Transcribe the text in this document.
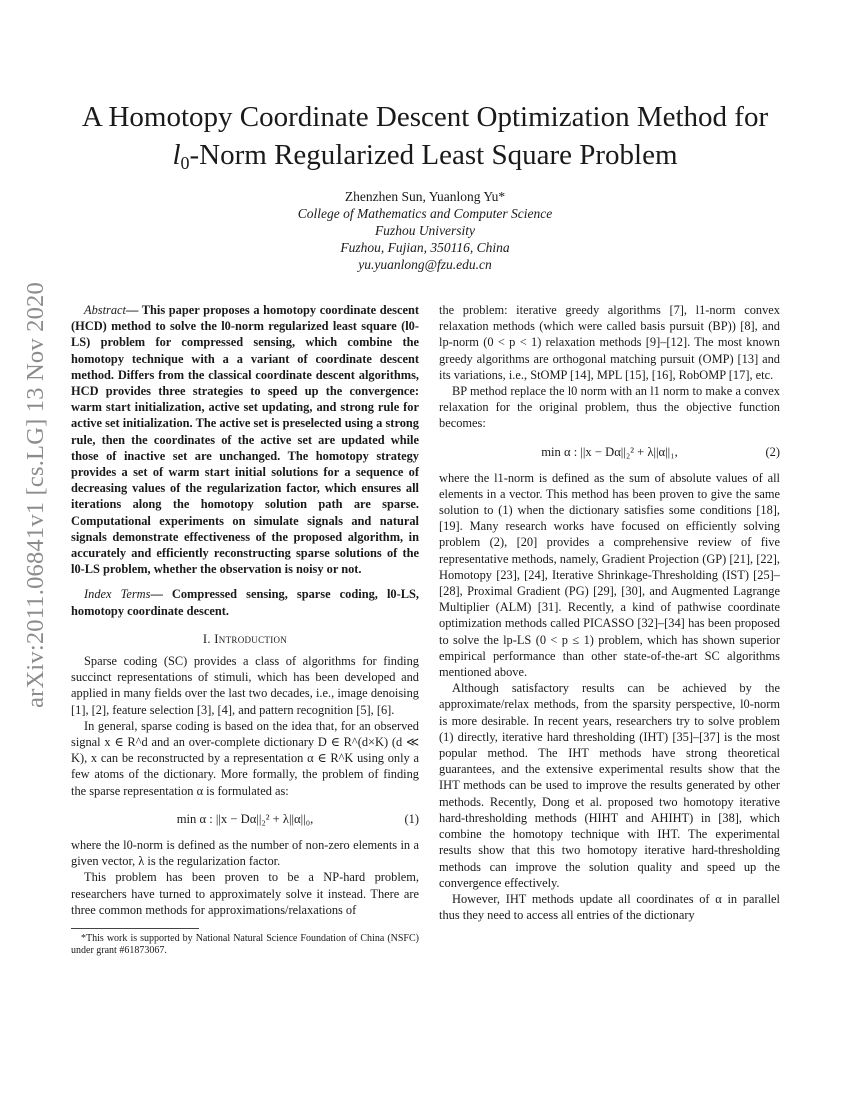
arXiv:2011.06841v1 [cs.LG] 13 Nov 2020
A Homotopy Coordinate Descent Optimization Method for
$l_0$-Norm Regularized Least Square Problem
Zhenzhen Sun, Yuanlong Yu*
College of Mathematics and Computer Science
Fuzhou University
Fuzhou, Fujian, 350116, China
yu.yuanlong@fzu.edu.cn

Abstract— This paper proposes a homotopy coordinate descent (HCD) method to solve the l0-norm regularized least square (l0-LS) problem for compressed sensing, which combine the homotopy technique with a a variant of coordinate descent method. Differs from the classical coordinate descent algorithms, HCD provides three strategies to speed up the convergence: warm start initialization, active set updating, and strong rule for active set initialization. The active set is preselected using a strong rule, then the coordinates of the active set are updated while those of inactive set are unchanged. The homotopy strategy provides a set of warm start initial solutions for a sequence of decreasing values of the regularization factor, which ensures all iterations along the homotopy solution path are sparse. Computational experiments on simulate signals and natural signals demonstrate effectiveness of the proposed algorithm, in accurately and efficiently reconstructing sparse solutions of the l0-LS problem, whether the observation is noisy or not.

Index Terms— Compressed sensing, sparse coding, l0-LS, homotopy coordinate descent.

I. Introduction

Sparse coding (SC) provides a class of algorithms for finding succinct representations of stimuli, which has been developed and applied in many fields over the last two decades, i.e., image denoising [1], [2], feature selection [3], [4], and pattern recognition [5], [6].

In general, sparse coding is based on the idea that, for an observed signal x ∈ R^d and an over-complete dictionary D ∈ R^(d×K) (d ≪ K), x can be reconstructed by a representation α ∈ R^K using only a few atoms of the dictionary. More formally, the problem of finding the sparse representation α is formulated as:

min α : ||x − Dα||₂² + λ||α||₀,	(1)

where the l0-norm is defined as the number of non-zero elements in a given vector, λ is the regularization factor.

This problem has been proven to be a NP-hard problem, researchers have turned to approximately solve it instead. There are three common methods for approximations/relaxations of

*This work is supported by National Natural Science Foundation of China (NSFC) under grant #61873067.

the problem: iterative greedy algorithms [7], l1-norm convex relaxation methods (which were called basis pursuit (BP)) [8], and lp-norm (0 < p < 1) relaxation methods [9]–[12]. The most known greedy algorithms are orthogonal matching pursuit (OMP) [13] and its variations, i.e., StOMP [14], MPL [15], [16], RobOMP [17], etc.

BP method replace the l0 norm with an l1 norm to make a convex relaxation for the original problem, thus the objective function becomes:

min α : ||x − Dα||₂² + λ||α||₁,	(2)

where the l1-norm is defined as the sum of absolute values of all elements in a vector. This method has been proven to give the same solution to (1) when the dictionary satisfies some conditions [18], [19]. Many research works have focused on efficiently solving problem (2), [20] provides a comprehensive review of five representative methods, namely, Gradient Projection (GP) [21], [22], Homotopy [23], [24], Iterative Shrinkage-Thresholding (IST) [25]–[28], Proximal Gradient (PG) [29], [30], and Augmented Lagrange Multiplier (ALM) [31]. Recently, a kind of pathwise coordinate optimization methods called PICASSO [32]–[34] has been proposed to solve the lp-LS (0 < p ≤ 1) problem, which has shown superior empirical performance than other state-of-the-art SC algorithms mentioned above.

Although satisfactory results can be achieved by the approximate/relax methods, from the sparsity perspective, l0-norm is more desirable. In recent years, researchers try to solve problem (1) directly, iterative hard thresholding (IHT) [35]–[37] is the most popular method. The IHT methods have strong theoretical guarantees, and the extensive experimental results show that the IHT methods can be used to improve the results generated by other methods. Recently, Dong et al. proposed two homotopy iterative hard-thresholding methods (HIHT and AHIHT) in [38], which combine the homotopy technique with IHT. The experimental results show that this two homotopy iterative hard-thresholding methods can improve the solution quality and speed up the convergence effectively.

However, IHT methods update all coordinates of α in parallel thus they need to access all entries of the dictionary
